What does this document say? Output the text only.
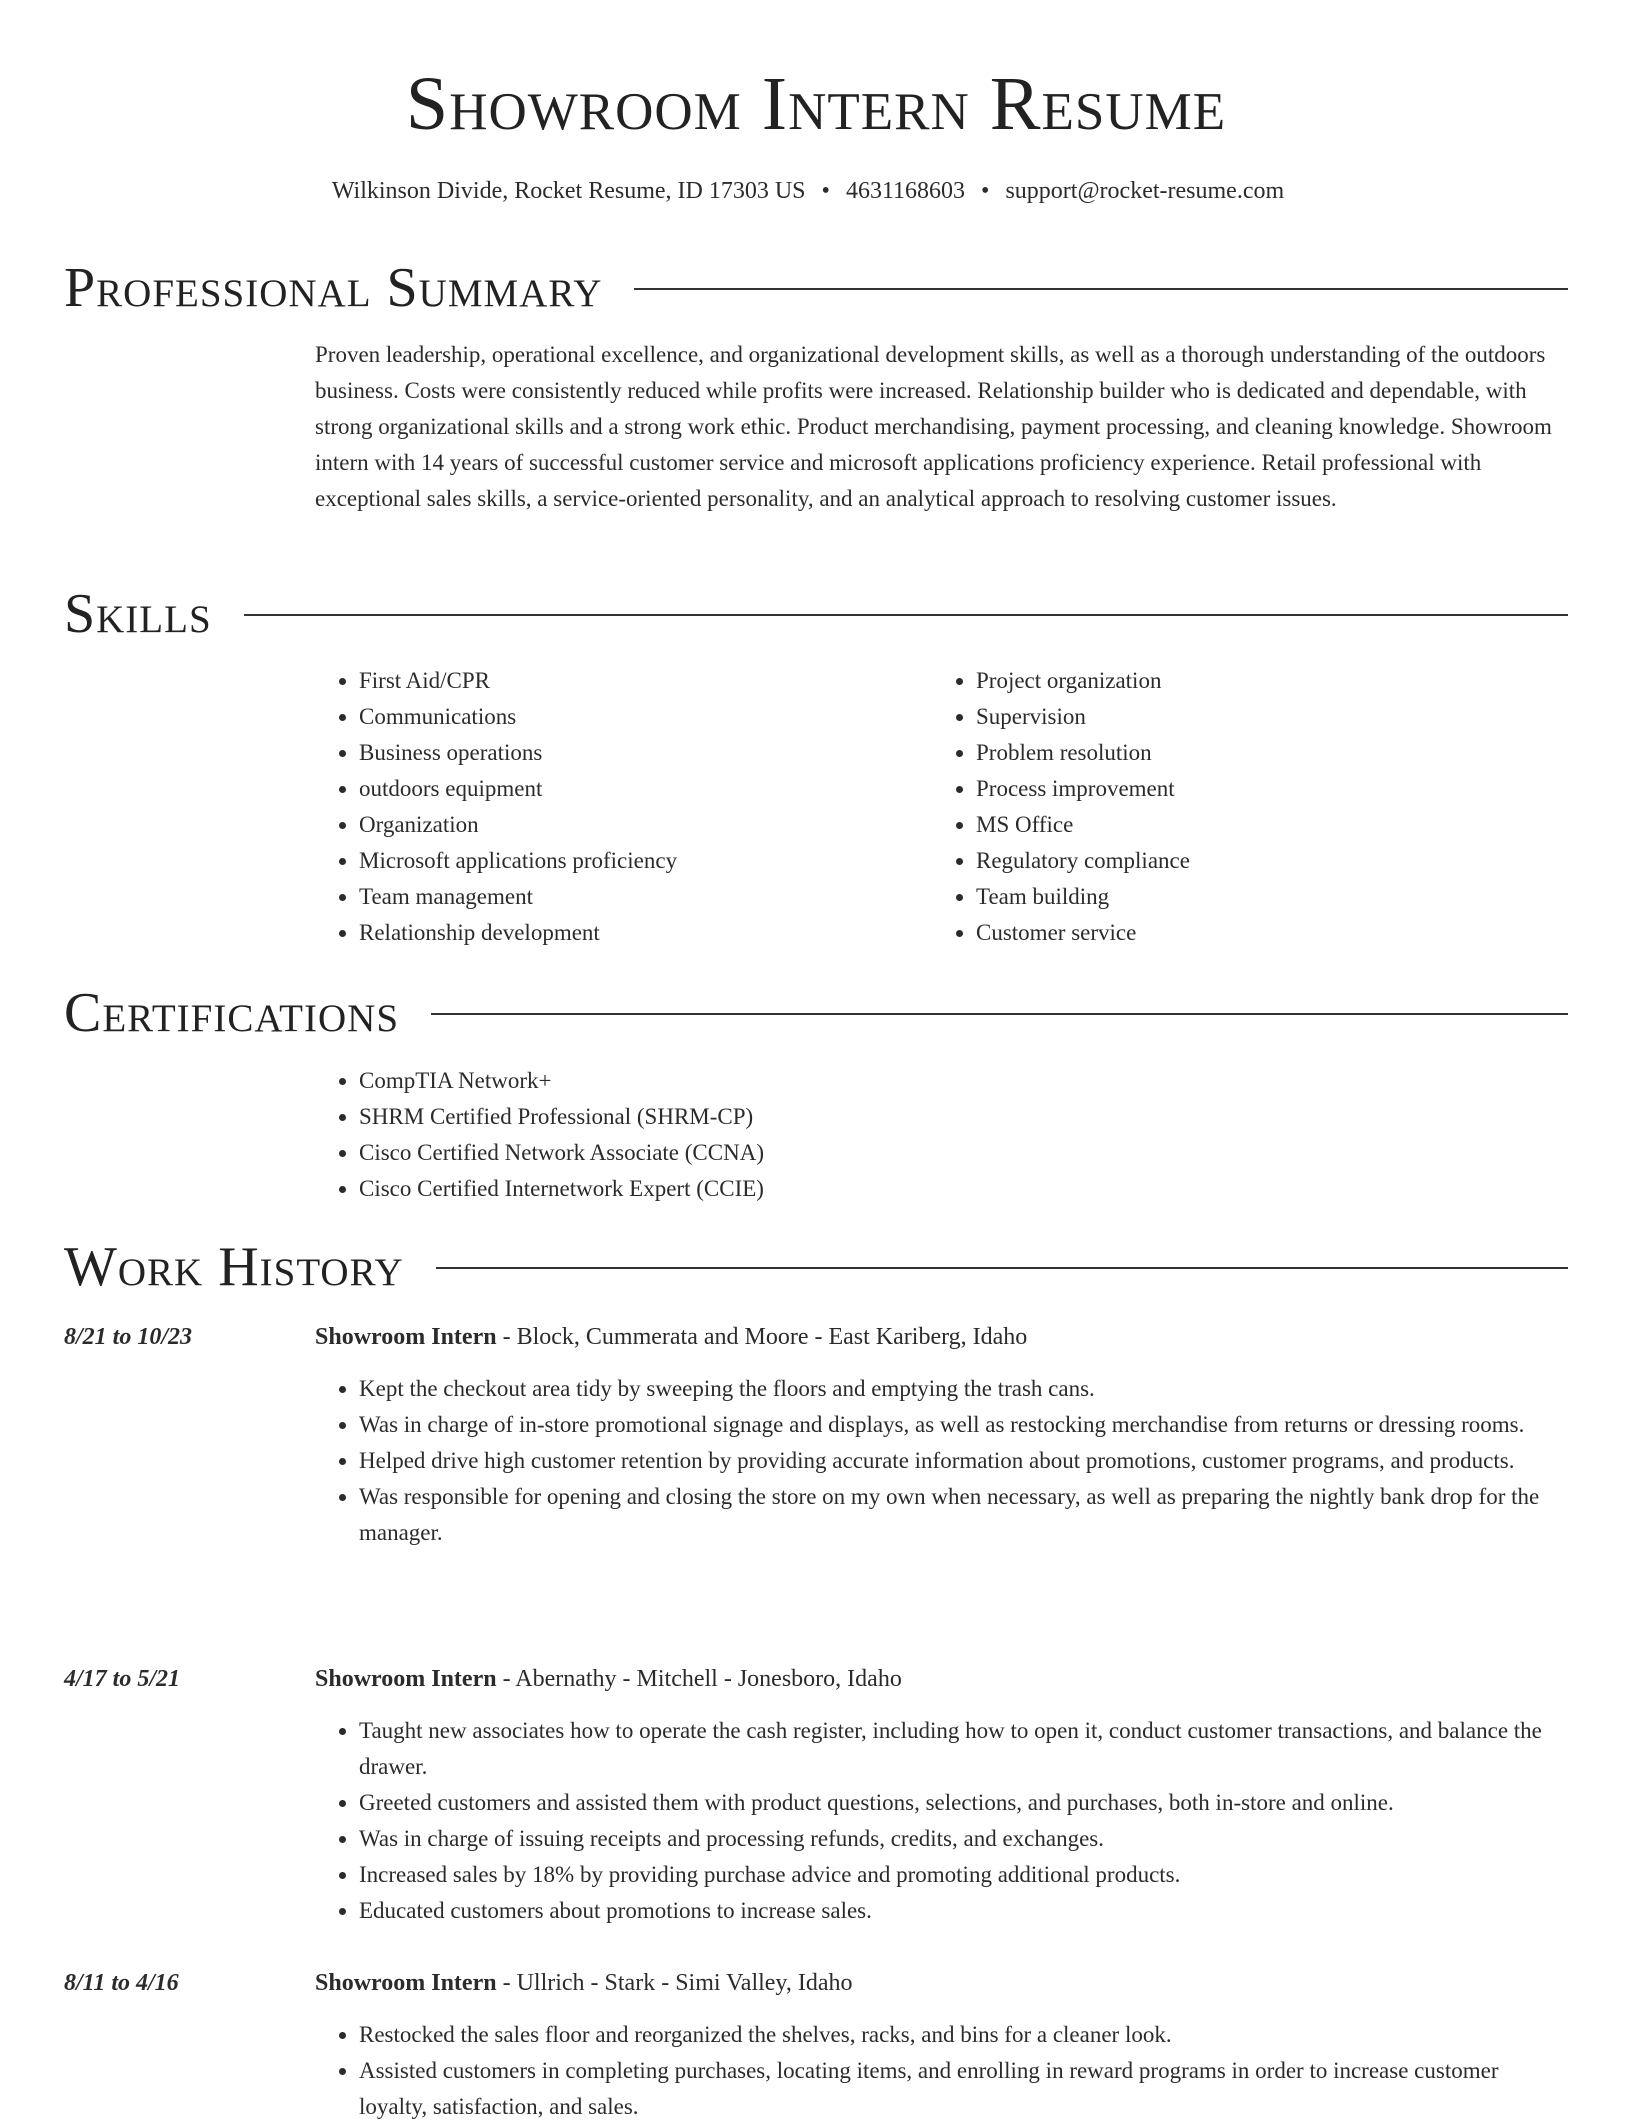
Showroom Intern Resume
Wilkinson Divide, Rocket Resume, ID 17303 US • 4631168603 • support@rocket-resume.com
Professional Summary

Proven leadership, operational excellence, and organizational development skills, as well as a thorough understanding of the outdoors business. Costs were consistently reduced while profits were increased. Relationship builder who is dedicated and dependable, with strong organizational skills and a strong work ethic. Product merchandising, payment processing, and cleaning knowledge. Showroom intern with 14 years of successful customer service and microsoft applications proficiency experience. Retail professional with exceptional sales skills, a service-oriented personality, and an analytical approach to resolving customer issues.

Skills
• First Aid/CPR
• Communications
• Business operations
• outdoors equipment
• Organization
• Microsoft applications proficiency
• Team management
• Relationship development
• Project organization
• Supervision
• Problem resolution
• Process improvement
• MS Office
• Regulatory compliance
• Team building
• Customer service
Certifications
• CompTIA Network+
• SHRM Certified Professional (SHRM-CP)
• Cisco Certified Network Associate (CCNA)
• Cisco Certified Internetwork Expert (CCIE)
Work History
8/21 to 10/23	Showroom Intern - Block, Cummerata and Moore - East Kariberg, Idaho
• Kept the checkout area tidy by sweeping the floors and emptying the trash cans.
• Was in charge of in-store promotional signage and displays, as well as restocking merchandise from returns or dressing rooms.
• Helped drive high customer retention by providing accurate information about promotions, customer programs, and products.
• Was responsible for opening and closing the store on my own when necessary, as well as preparing the nightly bank drop for the manager.
4/17 to 5/21	Showroom Intern - Abernathy - Mitchell - Jonesboro, Idaho
• Taught new associates how to operate the cash register, including how to open it, conduct customer transactions, and balance the drawer.
• Greeted customers and assisted them with product questions, selections, and purchases, both in-store and online.
• Was in charge of issuing receipts and processing refunds, credits, and exchanges.
• Increased sales by 18% by providing purchase advice and promoting additional products.
• Educated customers about promotions to increase sales.
8/11 to 4/16	Showroom Intern - Ullrich - Stark - Simi Valley, Idaho
• Restocked the sales floor and reorganized the shelves, racks, and bins for a cleaner look.
• Assisted customers in completing purchases, locating items, and enrolling in reward programs in order to increase customer loyalty, satisfaction, and sales.
